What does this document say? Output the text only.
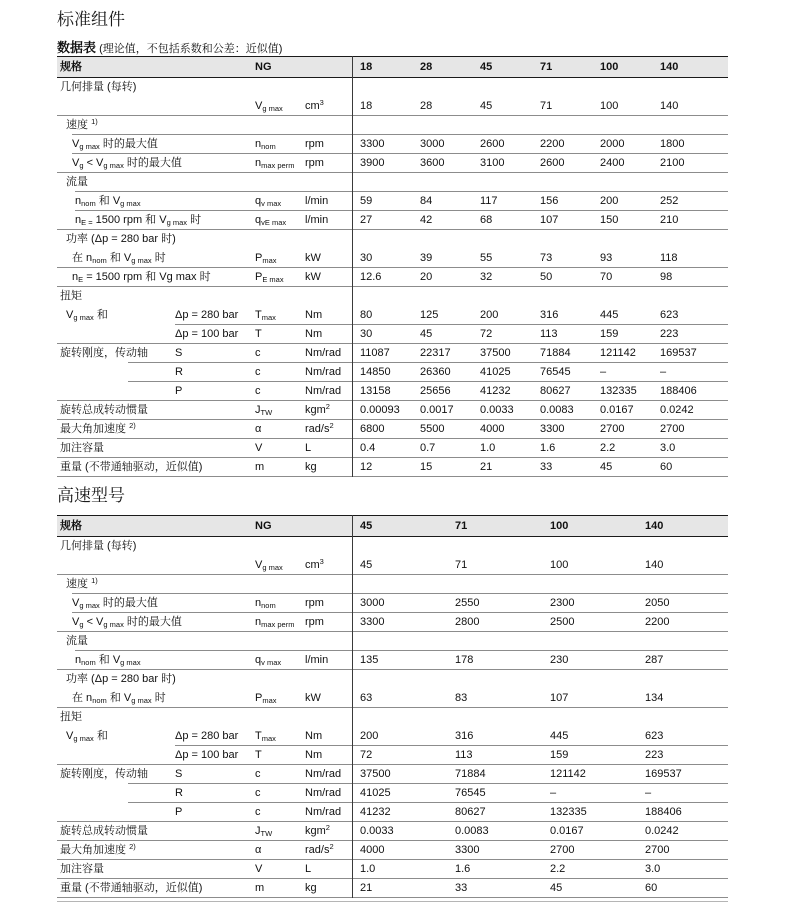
标准组件
数据表 (理论值，不包括系数和公差：近似值)
规格	NG	18	28	45	71	100	140
几何排量 (每转)
$V_{g max}$ $cm^3$	18	28	45	71	100	140
速度 $^{1)}$
$V_{g max}$ 时的最大值	$n_{nom}$	rpm	3300	3000	2600	2200	2000	1800
$V_g < V_{g max}$ 时的最大值	$n_{max perm}$ rpm	3900	3600	3100	2600	2400	2100
流量
$n_{nom}$ 和 $V_{g max}$	$q_{v max}$ l/min	59	84	117	156	200	252
$n_{E =}$ 1500 rpm 和 $V_{g max}$ 时	$q_{vE max}$ l/min	27	42	68	107	150	210
功率 (Δp = 280 bar 时)
在 $n_{nom}$ 和 $V_{g max}$ 时	$P_{max}$	kW	30	39	55	73	93	118
$n_E = 1500$ rpm 和 Vg max 时	$P_{E max}$ kW	12.6	20	32	50	70	98
扭矩
$V_{g max}$ 和	Δp = 280 bar $T_{max}$	Nm	80	125	200	316	445	623
Δp = 100 bar T	Nm	30	45	72	113	159	223
旋转刚度，传动轴 S	c	Nm/rad 11087	22317	37500	71884	121142 169537
R	c	Nm/rad 14850	26360	41025	76545	–	–
P	c	Nm/rad 13158	25656	41232	80627	132335 188406
旋转总成转动惯量	$J_{TW}$	kgm$^2$	0.00093 0.0017 0.0033 0.0083 0.0167 0.0242
最大角加速度 $^{2)}$	α	rad/$s^2$ 6800	5500	4000	3300	2700	2700
加注容量	V	L	0.4	0.7	1.0	1.6	2.2	3.0
重量 (不带通轴驱动，近似值)	m	kg	12	15	21	33	45	60
高速型号
规格	NG	45	71	100	140
几何排量 (每转)
$V_{g max}$ $cm^3$	45	71	100	140
速度 $^{1)}$
$V_{g max}$ 时的最大值	$n_{nom}$	rpm	3000	2550	2300	2050
$V_g < V_{g max}$ 时的最大值	$n_{max perm}$ rpm	3300	2800	2500	2200
流量
$n_{nom}$ 和 $V_{g max}$	$q_{v max}$ l/min	135	178	230	287
功率 (Δp = 280 bar 时)
在 $n_{nom}$ 和 $V_{g max}$ 时	$P_{max}$	kW	63	83	107	134
扭矩
$V_{g max}$ 和	Δp = 280 bar $T_{max}$	Nm	200	316	445	623
Δp = 100 bar T	Nm	72	113	159	223
旋转刚度，传动轴 S	c	Nm/rad 37500	71884	121142	169537
R	c	Nm/rad 41025	76545	–	–
P	c	Nm/rad 41232	80627	132335	188406
旋转总成转动惯量	$J_{TW}$	kgm$^2$	0.0033	0.0083	0.0167	0.0242
最大角加速度 $^{2)}$	α	rad/$s^2$ 4000	3300	2700	2700
加注容量	V	L	1.0	1.6	2.2	3.0
重量 (不带通轴驱动，近似值)	m	kg	21	33	45	60
